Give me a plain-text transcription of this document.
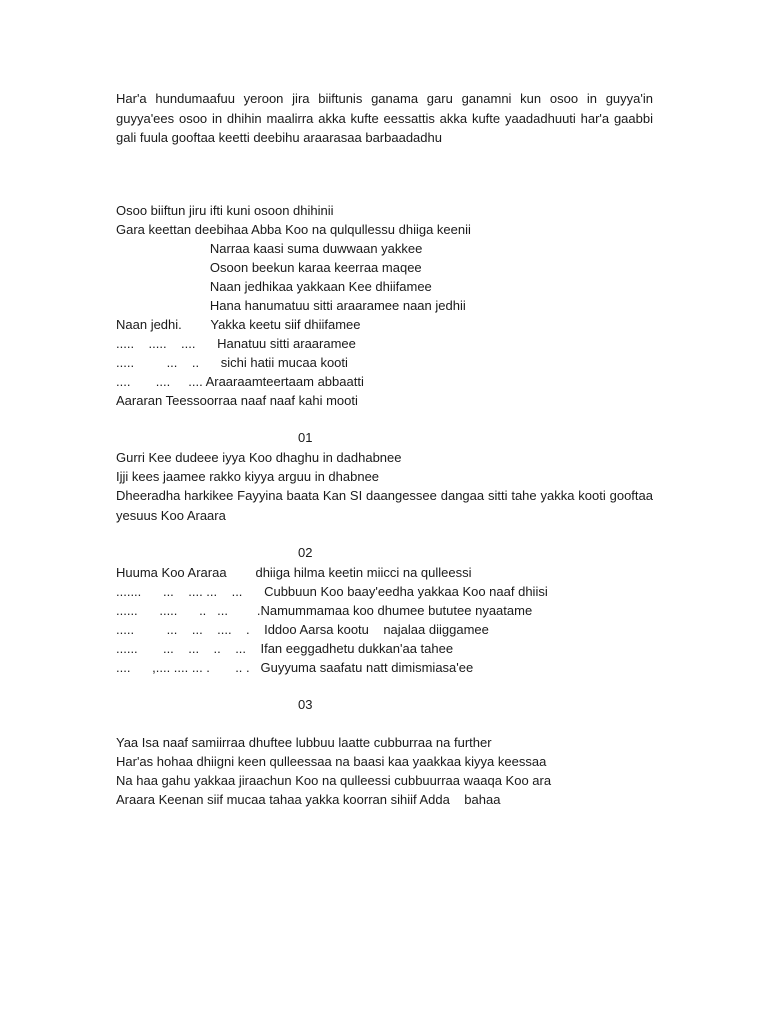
Har'a hundumaafuu yeroon jira biiftunis ganama garu ganamni kun osoo in guyya'in guyya'ees osoo in dhihin maalirra akka kufte eessattis akka kufte yaadadhuuti har'a gaabbi gali fuula gooftaa keetti deebihu araarasaa barbaadadhu

Osoo biiftun jiru ifti kuni osoon dhihinii
Gara keettan deebihaa Abba Koo na qulqullessu dhiiga keenii
Narraa kaasi suma duwwaan yakkee
Osoon beekun karaa keerraa maqee
Naan jedhikaa yakkaan Kee dhiifamee
Hana hanumatuu sitti araaramee naan jedhii
Naan jedhi.        Yakka keetu siif dhiifamee
.....    .....    ....      Hanatuu sitti araaramee
.....         ...    ..      sichi hatii mucaa kooti
....       ....     .... Araaraamteertaam abbaatti
Aararan Teessoorraa naaf naaf kahi mooti
01
Gurri Kee dudeee iyya Koo dhaghu in dadhabnee
Ijji kees jaamee rakko kiyya arguu in dhabnee
Dheeradha harkikee Fayyina baata Kan SI daangessee dangaa sitti tahe yakka kooti gooftaa yesuus Koo Araara
02
Huuma Koo Araraa        dhiiga hilma keetin miicci na qulleessi
.......      ...    .... ...    ...      Cubbuun Koo baay'eedha yakkaa Koo naaf dhiisi
......      .....      ..   ...        .Namummamaa koo dhumee bututee nyaatame
.....         ...    ...    ....    .    Iddoo Aarsa kootu    najalaa diiggamee
......       ...    ...    ..    ...    Ifan eeggadhetu dukkan'aa tahee
....      ,.... .... ... .       .. .   Guyyuma saafatu natt dimismiasa'ee
03
Yaa Isa naaf samiirraa dhuftee lubbuu laatte cubburraa na further
Har'as hohaa dhiigni keen qulleessaa na baasi kaa yaakkaa kiyya keessaa
Na haa gahu yakkaa jiraachun Koo na qulleessi cubbuurraa waaqa Koo ara
Araara Keenan siif mucaa tahaa yakka koorran sihiif Adda    bahaa
